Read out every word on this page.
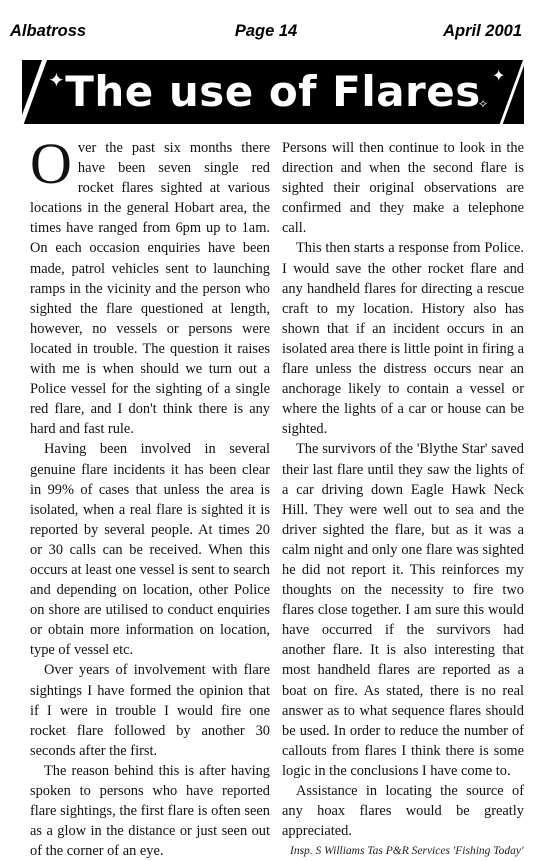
Albatross	Page 14	April 2001
✦	✦
✧
The use of Flares

Over the past six months there have been seven single red rocket flares sighted at various locations in the general Hobart area, the times have ranged from 6pm up to 1am. On each occasion enquiries have been made, patrol vehicles sent to launching ramps in the vicinity and the person who sighted the flare questioned at length, however, no vessels or persons were located in trouble. The question it raises with me is when should we turn out a Police vessel for the sighting of a single red flare, and I don't think there is any hard and fast rule.

Having been involved in several genuine flare incidents it has been clear in 99% of cases that unless the area is isolated, when a real flare is sighted it is reported by several people. At times 20 or 30 calls can be received. When this occurs at least one vessel is sent to search and depending on location, other Police on shore are utilised to conduct enquiries or obtain more information on location, type of vessel etc.

Over years of involvement with flare sightings I have formed the opinion that if I were in trouble I would fire one rocket flare followed by another 30 seconds after the first.

The reason behind this is after having spoken to persons who have reported flare sightings, the first flare is often seen as a glow in the distance or just seen out of the corner of an eye.

Persons will then continue to look in the direction and when the second flare is sighted their original observations are confirmed and they make a telephone call.

This then starts a response from Police. I would save the other rocket flare and any handheld flares for directing a rescue craft to my location. History also has shown that if an incident occurs in an isolated area there is little point in firing a flare unless the distress occurs near an anchorage likely to contain a vessel or where the lights of a car or house can be sighted.

The survivors of the 'Blythe Star' saved their last flare until they saw the lights of a car driving down Eagle Hawk Neck Hill. They were well out to sea and the driver sighted the flare, but as it was a calm night and only one flare was sighted he did not report it. This reinforces my thoughts on the necessity to fire two flares close together. I am sure this would have occurred if the survivors had another flare. It is also interesting that most handheld flares are reported as a boat on fire. As stated, there is no real answer as to what sequence flares should be used. In order to reduce the number of callouts from flares I think there is some logic in the conclusions I have come to.

Assistance in locating the source of any hoax flares would be greatly appreciated.

Insp. S Williams Tas P&R Services 'Fishing Today'
